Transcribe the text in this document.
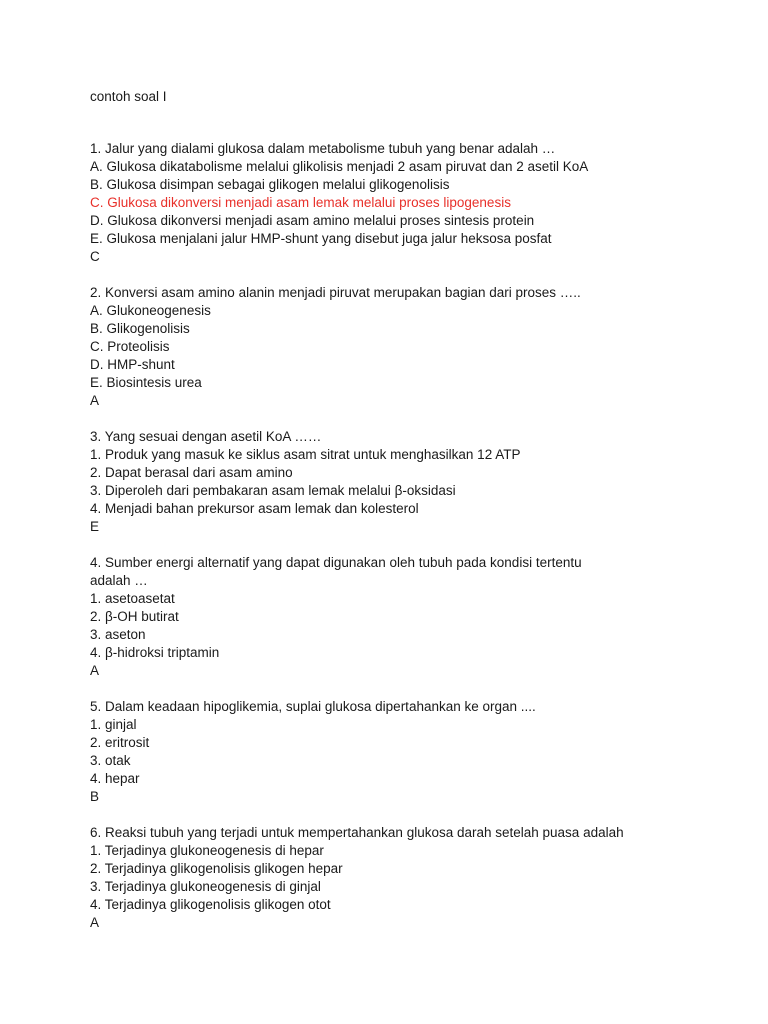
contoh soal I
1. Jalur yang dialami glukosa dalam metabolisme tubuh yang benar adalah …
A. Glukosa dikatabolisme melalui glikolisis menjadi 2 asam piruvat dan 2 asetil KoA
B. Glukosa disimpan sebagai glikogen melalui glikogenolisis
C. Glukosa dikonversi menjadi asam lemak melalui proses lipogenesis
D. Glukosa dikonversi menjadi asam amino melalui proses sintesis protein
E. Glukosa menjalani jalur HMP-shunt yang disebut juga jalur heksosa posfat
C
2. Konversi asam amino alanin menjadi piruvat merupakan bagian dari proses …..
A. Glukoneogenesis
B. Glikogenolisis
C. Proteolisis
D. HMP-shunt
E. Biosintesis urea
A
3. Yang sesuai dengan asetil KoA ……
1. Produk yang masuk ke siklus asam sitrat untuk menghasilkan 12 ATP
2. Dapat berasal dari asam amino
3. Diperoleh dari pembakaran asam lemak melalui β-oksidasi
4. Menjadi bahan prekursor asam lemak dan kolesterol
E
4. Sumber energi alternatif yang dapat digunakan oleh tubuh pada kondisi tertentu
adalah …
1. asetoasetat
2. β-OH butirat
3. aseton
4. β-hidroksi triptamin
A
5. Dalam keadaan hipoglikemia, suplai glukosa dipertahankan ke organ ....
1. ginjal
2. eritrosit
3. otak
4. hepar
B
6. Reaksi tubuh yang terjadi untuk mempertahankan glukosa darah setelah puasa adalah
1. Terjadinya glukoneogenesis di hepar
2. Terjadinya glikogenolisis glikogen hepar
3. Terjadinya glukoneogenesis di ginjal
4. Terjadinya glikogenolisis glikogen otot
A
